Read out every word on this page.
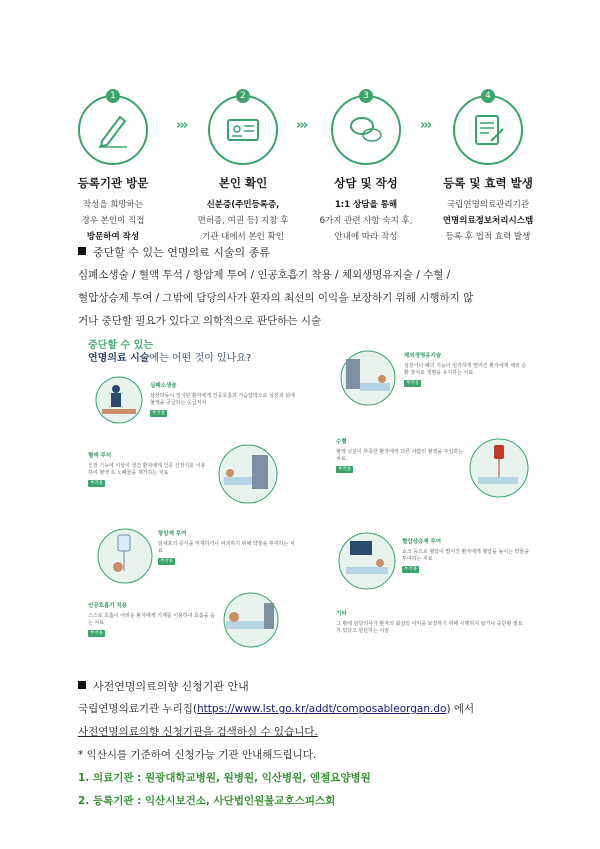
1
등록기관 방문
작성을 희망하는
경우 본인이 직접
방문하여 작성
›››
2
본인 확인
신분증(주민등록증,
면허증, 여권 등) 지참 후
기관 내에서 본인 확인
›››
3
상담 및 작성
1:1 상담을 통해
6가지 관련 사항 숙지 후,
안내에 따라 작성
›››
4
등록 및 효력 발생
국립연명의료관리기관
연명의료정보처리시스템
등록 후 법적 효력 발생
중단할 수 있는 연명의료 시술의 종류
심폐소생술 / 혈액 투석 / 항암제 투여 / 인공호흡기 착용 / 체외생명유지술 / 수혈 /
혈압상승제 투여 / 그밖에 담당의사가 환자의 최선의 이익을 보장하기 위해 시행하지 않
거나 중단할 필요가 있다고 의학적으로 판단하는 시술
중단할 수 있는
연명의료 시술에는 어떤 것이 있나요?
심폐소생술
심장박동이 정지된 환자에게 인공호흡과 가슴압박으로 심장과 뇌에 혈액을 공급하는 응급처치
부작용
혈액 투석
신장 기능에 이상이 생긴 환자에게 인공 신장기를 이용하여 혈액 속 노폐물을 제거하는 치료
부작용
항암제 투여
암세포의 증식을 억제하거나 파괴하기 위해 약물을 투여하는 치료
부작용
인공호흡기 착용
스스로 호흡이 어려운 환자에게 기계를 이용하여 호흡을 돕는 치료
부작용
체외생명유지술
심장이나 폐의 기능이 심각하게 떨어진 환자에게 체외 순환 장치로 생명을 유지하는 치료
부작용
수혈
혈액 성분이 부족한 환자에게 다른 사람의 혈액을 주입하는 치료
부작용
혈압상승제 투여
쇼크 등으로 혈압이 떨어진 환자에게 혈압을 높이는 약물을 투여하는 치료
부작용
기타
그 밖에 담당의사가 환자의 최선의 이익을 보장하기 위해 시행하지 않거나 중단할 필요가 있다고 판단하는 시술
사전연명의료의향 신청기관 안내
국립연명의료기관 누리집(https://www.lst.go.kr/addt/composableorgan.do) 에서
사전연명의료의향 신청기관을 검색하실 수 있습니다.
* 익산시를 기준하여 신청가능 기관 안내해드립니다.
1. 의료기관 : 원광대학교병원, 원병원, 익산병원, 엔젤요양병원
2. 등록기관 : 익산시보건소, 사단법인원불교호스피스회
